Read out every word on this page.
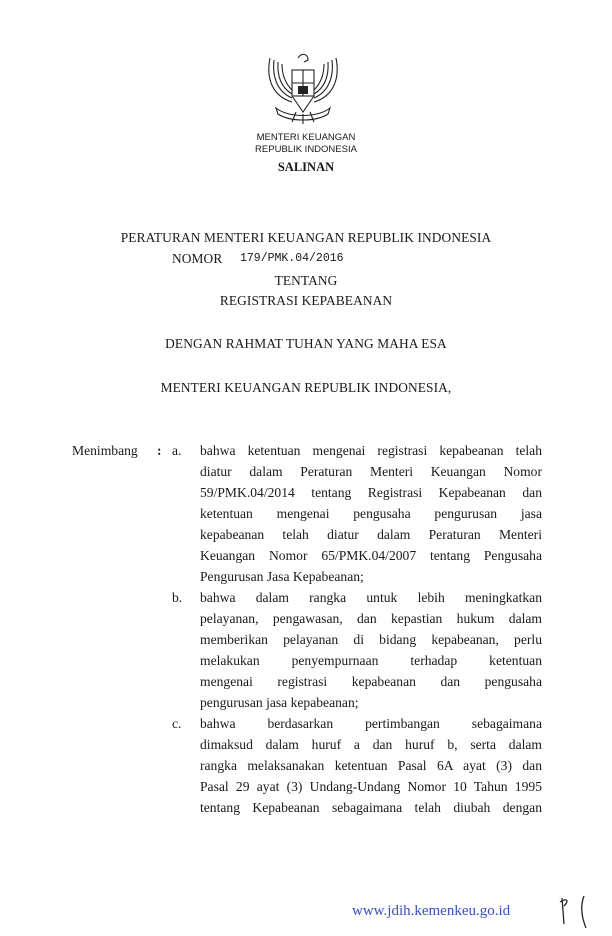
MENTERI KEUANGAN
REPUBLIK INDONESIA
SALINAN
PERATURAN MENTERI KEUANGAN REPUBLIK INDONESIA
NOMOR 179/PMK.04/2016
TENTANG
REGISTRASI KEPABEANAN
DENGAN RAHMAT TUHAN YANG MAHA ESA
MENTERI KEUANGAN REPUBLIK INDONESIA,
Menimbang : a. bahwa ketentuan mengenai registrasi kepabeanan telah
diatur dalam Peraturan Menteri Keuangan Nomor
59/PMK.04/2014 tentang Registrasi Kepabeanan dan
ketentuan mengenai pengusaha pengurusan jasa
kepabeanan telah diatur dalam Peraturan Menteri
Keuangan Nomor 65/PMK.04/2007 tentang Pengusaha
Pengurusan Jasa Kepabeanan;
b. bahwa dalam rangka untuk lebih meningkatkan
pelayanan, pengawasan, dan kepastian hukum dalam
memberikan pelayanan di bidang kepabeanan, perlu
melakukan penyempurnaan terhadap ketentuan
mengenai registrasi kepabeanan dan pengusaha
pengurusan jasa kepabeanan;
c. bahwa berdasarkan pertimbangan sebagaimana
dimaksud dalam huruf a dan huruf b, serta dalam
rangka melaksanakan ketentuan Pasal 6A ayat (3) dan
Pasal 29 ayat (3) Undang-Undang Nomor 10 Tahun 1995
tentang Kepabeanan sebagaimana telah diubah dengan
www.jdih.kemenkeu.go.id
